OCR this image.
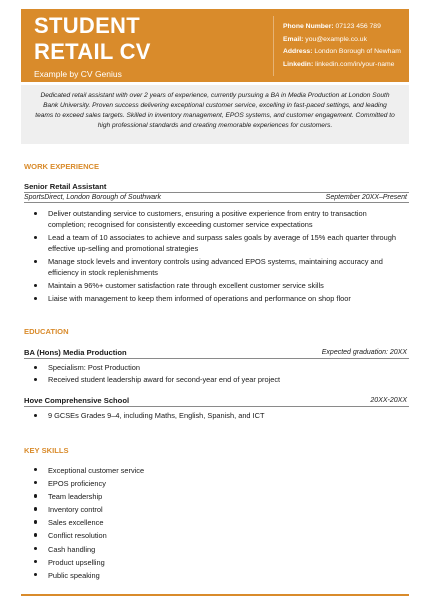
STUDENT
RETAIL CV
Example by CV Genius
Phone Number: 07123 456 789
Email: you@example.co.uk
Address: London Borough of Newham
Linkedin: linkedin.com/in/your-name
Dedicated retail assistant with over 2 years of experience, currently pursuing a BA in Media Production at London South Bank University. Proven success delivering exceptional customer service, excelling in fast-paced settings, and leading teams to exceed sales targets. Skilled in inventory management, EPOS systems, and customer engagement. Committed to high professional standards and creating memorable experiences for customers.
WORK EXPERIENCE
Senior Retail Assistant
SportsDirect, London Borough of Southwark	September 20XX–Present
Deliver outstanding service to customers, ensuring a positive experience from entry to transaction completion; recognised for consistently exceeding customer service expectations
Lead a team of 10 associates to achieve and surpass sales goals by average of 15% each quarter through effective up-selling and promotional strategies
Manage stock levels and inventory controls using advanced EPOS systems, maintaining accuracy and efficiency in stock replenishments
Maintain a 96%+ customer satisfaction rate through excellent customer service skills
Liaise with management to keep them informed of operations and performance on shop floor
EDUCATION
BA (Hons) Media Production	Expected graduation: 20XX
Specialism: Post Production
Received student leadership award for second-year end of year project
Hove Comprehensive School	20XX-20XX
9 GCSEs Grades 9–4, including Maths, English, Spanish, and ICT
KEY SKILLS
Exceptional customer service
EPOS proficiency
Team leadership
Inventory control
Sales excellence
Conflict resolution
Cash handling
Product upselling
Public speaking
